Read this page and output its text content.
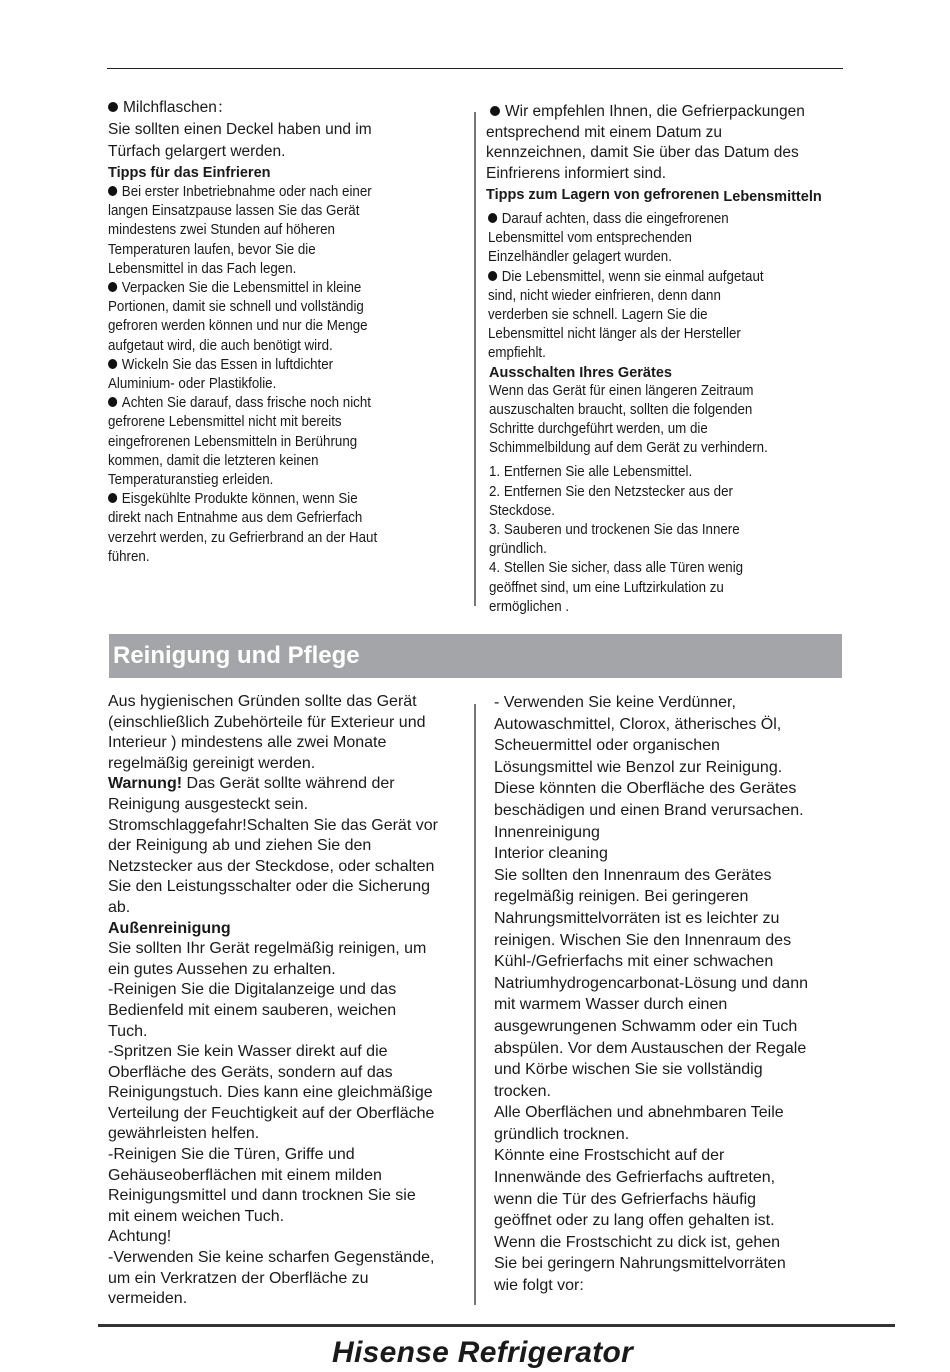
Milchflaschen：
Sie sollten einen Deckel haben und im
Türfach gelargert werden.
Tipps für das Einfrieren
Bei erster Inbetriebnahme oder nach einer
langen Einsatzpause lassen Sie das Gerät
mindestens zwei Stunden auf höheren
Temperaturen laufen, bevor Sie die
Lebensmittel in das Fach legen.
Verpacken Sie die Lebensmittel in kleine
Portionen, damit sie schnell und vollständig
gefroren werden können und nur die Menge
aufgetaut wird, die auch benötigt wird.
Wickeln Sie das Essen in luftdichter
Aluminium- oder Plastikfolie.
Achten Sie darauf, dass frische noch nicht
gefrorene Lebensmittel nicht mit bereits
eingefrorenen Lebensmitteln in Berührung
kommen, damit die letzteren keinen
Temperaturanstieg erleiden.
Eisgekühlte Produkte können, wenn Sie
direkt nach Entnahme aus dem Gefrierfach
verzehrt werden, zu Gefrierbrand an der Haut
führen.
Wir empfehlen Ihnen, die Gefrierpackungen
entsprechend mit einem Datum zu
kennzeichnen, damit Sie über das Datum des
Einfrierens informiert sind.
Tipps zum Lagern von gefrorenen Lebensmitteln
Darauf achten, dass die eingefrorenen
Lebensmittel vom entsprechenden
Einzelhändler gelagert wurden.
Die Lebensmittel, wenn sie einmal aufgetaut
sind, nicht wieder einfrieren, denn dann
verderben sie schnell. Lagern Sie die
Lebensmittel nicht länger als der Hersteller
empfiehlt.
Ausschalten Ihres Gerätes
Wenn das Gerät für einen längeren Zeitraum
auszuschalten braucht, sollten die folgenden
Schritte durchgeführt werden, um die
Schimmelbildung auf dem Gerät zu verhindern.
1. Entfernen Sie alle Lebensmittel.
2. Entfernen Sie den Netzstecker aus der
Steckdose.
3. Sauberen und trockenen Sie das Innere
gründlich.
4. Stellen Sie sicher, dass alle Türen wenig
geöffnet sind, um eine Luftzirkulation zu
ermöglichen .
Reinigung und Pflege
Aus hygienischen Gründen sollte das Gerät
(einschließlich Zubehörteile für Exterieur und
Interieur ) mindestens alle zwei Monate
regelmäßig gereinigt werden.
Warnung! Das Gerät sollte während der
Reinigung ausgesteckt sein.
Stromschlaggefahr!Schalten Sie das Gerät vor
der Reinigung ab und ziehen Sie den
Netzstecker aus der Steckdose, oder schalten
Sie den Leistungsschalter oder die Sicherung
ab.
Außenreinigung
Sie sollten Ihr Gerät regelmäßig reinigen, um
ein gutes Aussehen zu erhalten.
-Reinigen Sie die Digitalanzeige und das
Bedienfeld mit einem sauberen, weichen
Tuch.
-Spritzen Sie kein Wasser direkt auf die
Oberfläche des Geräts, sondern auf das
Reinigungstuch. Dies kann eine gleichmäßige
Verteilung der Feuchtigkeit auf der Oberfläche
gewährleisten helfen.
-Reinigen Sie die Türen, Griffe und
Gehäuseoberflächen mit einem milden
Reinigungsmittel und dann trocknen Sie sie
mit einem weichen Tuch.
Achtung!
-Verwenden Sie keine scharfen Gegenstände,
um ein Verkratzen der Oberfläche zu
vermeiden.
- Verwenden Sie keine Verdünner,
Autowaschmittel, Clorox, ätherisches Öl,
Scheuermittel oder organischen
Lösungsmittel wie Benzol zur Reinigung.
Diese könnten die Oberfläche des Gerätes
beschädigen und einen Brand verursachen.
Innenreinigung
Interior cleaning
Sie sollten den Innenraum des Gerätes
regelmäßig reinigen. Bei geringeren
Nahrungsmittelvorräten ist es leichter zu
reinigen. Wischen Sie den Innenraum des
Kühl-/Gefrierfachs mit einer schwachen
Natriumhydrogencarbonat-Lösung und dann
mit warmem Wasser durch einen
ausgewrungenen Schwamm oder ein Tuch
abspülen. Vor dem Austauschen der Regale
und Körbe wischen Sie sie vollständig
trocken.
Alle Oberflächen und abnehmbaren Teile
gründlich trocknen.
Könnte eine Frostschicht auf der
Innenwände des Gefrierfachs auftreten,
wenn die Tür des Gefrierfachs häufig
geöffnet oder zu lang offen gehalten ist.
Wenn die Frostschicht zu dick ist, gehen
Sie bei geringern Nahrungsmittelvorräten
wie folgt vor:
Hisense Refrigerator
